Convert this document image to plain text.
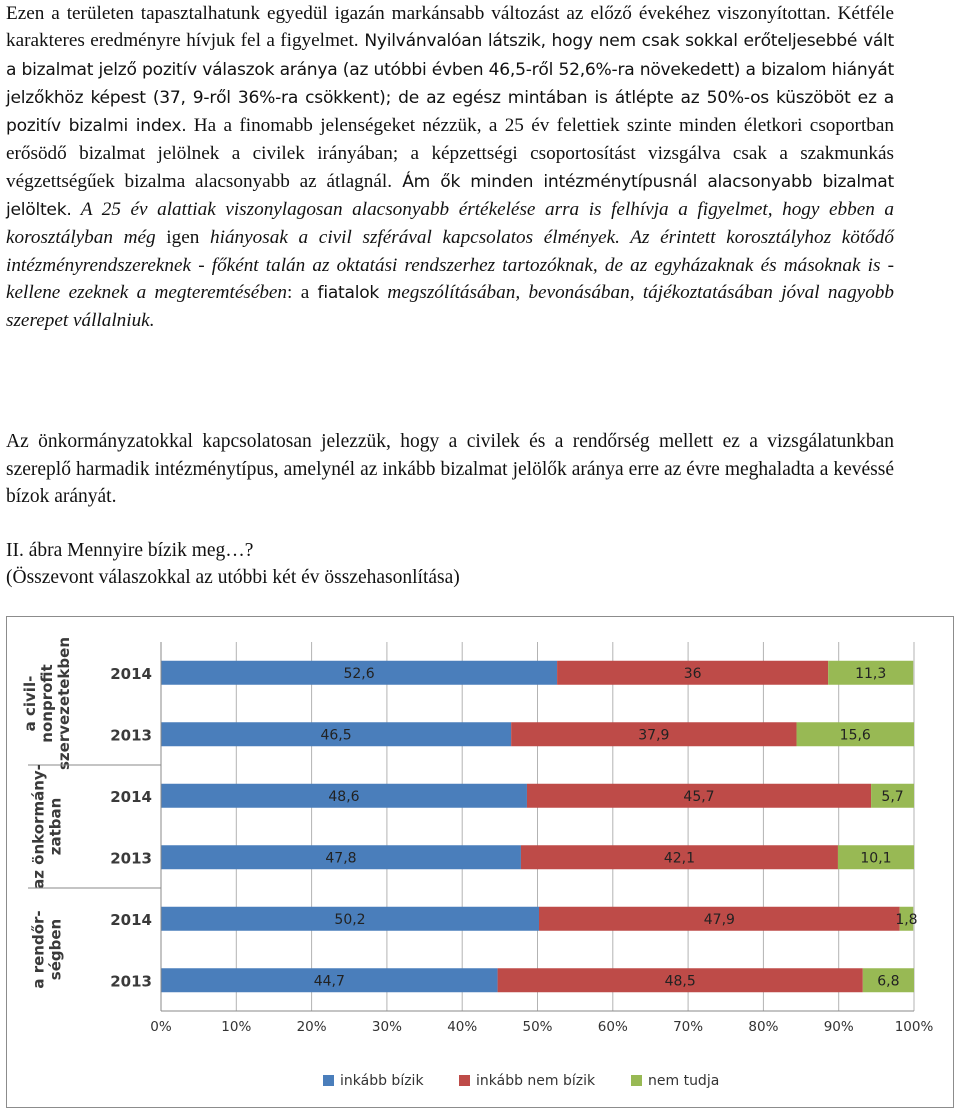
Ezen a területen tapasztalhatunk egyedül igazán markánsabb változást az előző évekéhez viszonyítottan. Kétféle karakteres eredményre hívjuk fel a figyelmet. Nyilvánvalóan látszik, hogy nem csak sokkal erőteljesebbé vált a bizalmat jelző pozitív válaszok aránya (az utóbbi évben 46,5-ről 52,6%-ra növekedett) a bizalom hiányát jelzőkhöz képest (37, 9-ről 36%-ra csökkent); de az egész mintában is átlépte az 50%-os küszöböt ez a pozitív bizalmi index. Ha a finomabb jelenségeket nézzük, a 25 év felettiek szinte minden életkori csoportban erősödő bizalmat jelölnek a civilek irányában; a képzettségi csoportosítást vizsgálva csak a szakmunkás végzettségűek bizalma alacsonyabb az átlagnál. Ám ők minden intézménytípusnál alacsonyabb bizalmat jelöltek. A 25 év alattiak viszonylagosan alacsonyabb értékelése arra is felhívja a figyelmet, hogy ebben a korosztályban még igen hiányosak a civil szférával kapcsolatos élmények. Az érintett korosztályhoz kötődő intézményrendszereknek - főként talán az oktatási rendszerhez tartozóknak, de az egyházaknak és másoknak is - kellene ezeknek a megteremtésében: a fiatalok megszólításában, bevonásában, tájékoztatásában jóval nagyobb szerepet vállalniuk.
Az önkormányzatokkal kapcsolatosan jelezzük, hogy a civilek és a rendőrség mellett ez a vizsgálatunkban szereplő harmadik intézménytípus, amelynél az inkább bizalmat jelölők aránya erre az évre meghaladta a kevéssé bízok arányát.
II. ábra Mennyire bízik meg…?
(Összevont válaszokkal az utóbbi két év összehasonlítása)
0%	10%	20%	30%	40%	50%	60%	70%	80%	90%	100%
52,6	36	11,3
2014
46,5	37,9	15,6
2013
48,6	45,7	5,7
2014
47,8	42,1	10,1
2013
50,2	47,9	1,8
2014
44,7	48,5	6,8
2013
a civil- nonprofit szervezetekben
az önkormány- zatban
a rendőr- ségben
inkább bízik	inkább nem bízik	nem tudja
